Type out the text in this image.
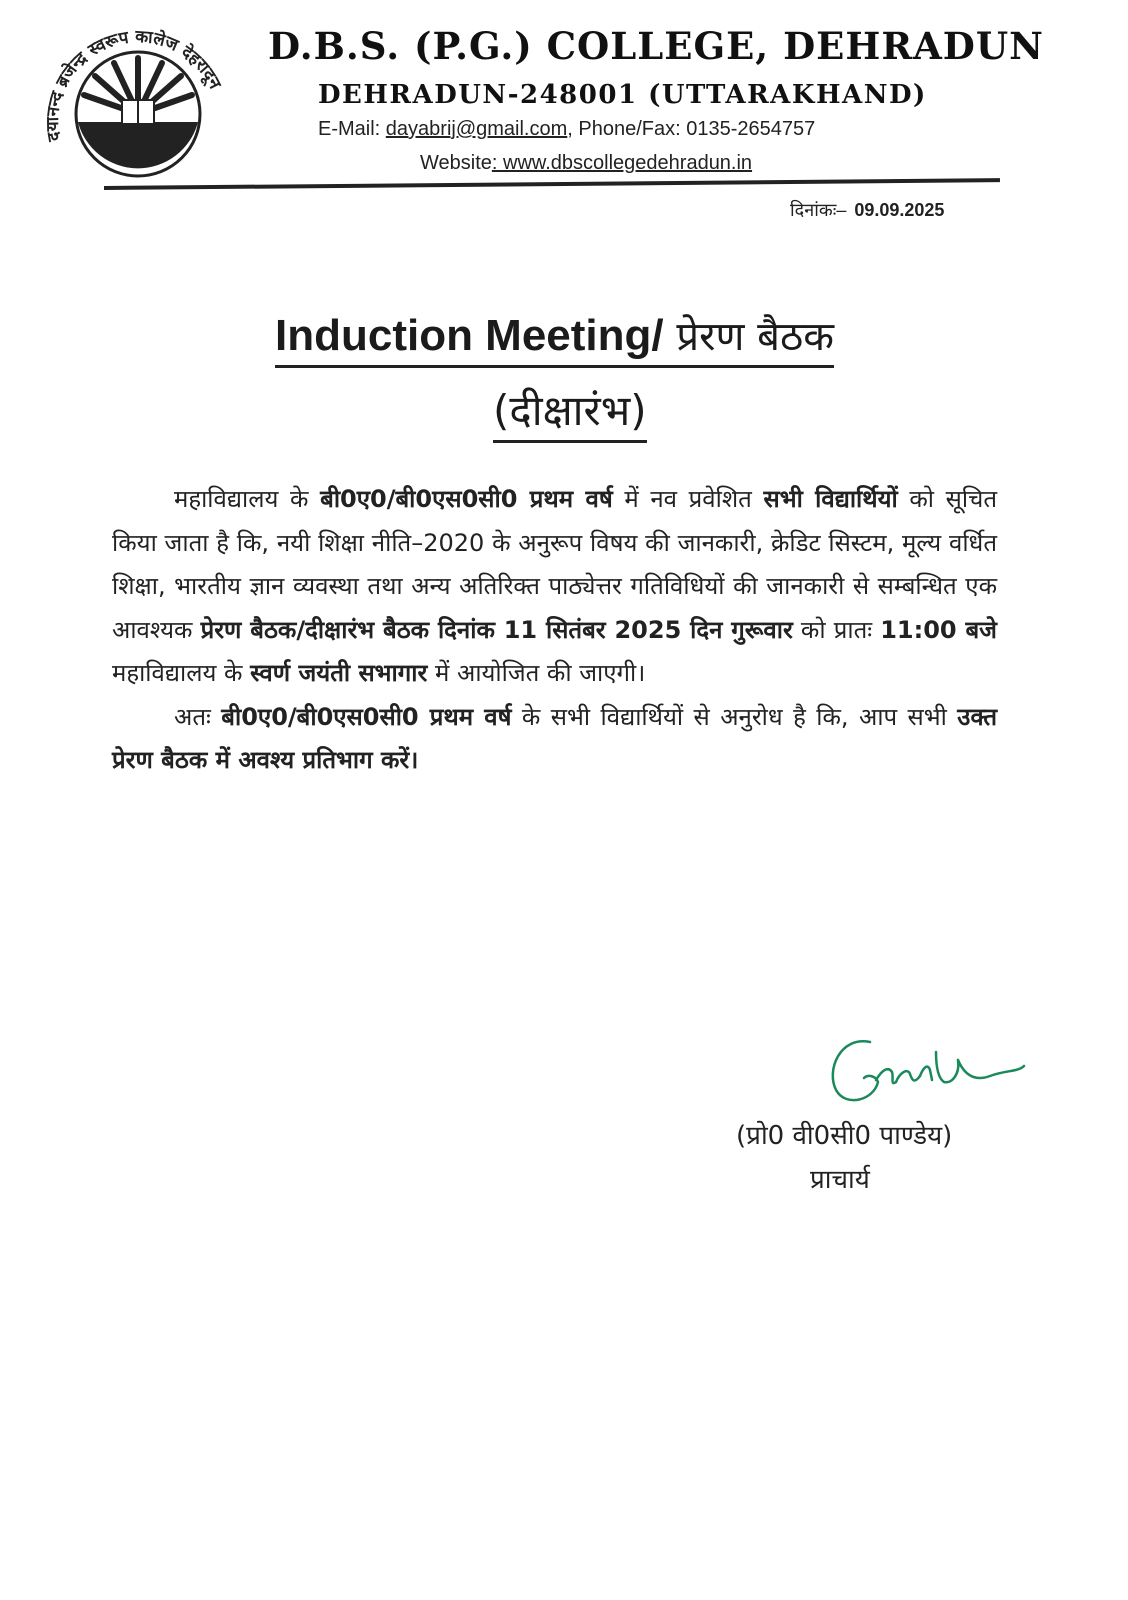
दयानन्द ब्रजेन्द्र स्वरूप कालेज देहरादून
D.B.S. (P.G.) COLLEGE, DEHRADUN
DEHRADUN-248001 (UTTARAKHAND)
E-Mail: dayabrij@gmail.com, Phone/Fax: 0135-2654757
Website: www.dbscollegedehradun.in
दिनांकः– 09.09.2025
Induction Meeting/ प्रेरण बैठक
(दीक्षारंभ)

महाविद्यालय के बी0ए0/बी0एस0सी0 प्रथम वर्ष में नव प्रवेशित सभी विद्यार्थियों को सूचित किया जाता है कि, नयी शिक्षा नीति–2020 के अनुरूप विषय की जानकारी, क्रेडिट सिस्टम, मूल्य वर्धित शिक्षा, भारतीय ज्ञान व्यवस्था तथा अन्य अतिरिक्त पाठ्येत्तर गतिविधियों की जानकारी से सम्बन्धित एक आवश्यक प्रेरण बैठक/दीक्षारंभ बैठक दिनांक 11 सितंबर 2025 दिन गुरूवार को प्रातः 11:00 बजे महाविद्यालय के स्वर्ण जयंती सभागार में आयोजित की जाएगी।

अतः बी0ए0/बी0एस0सी0 प्रथम वर्ष के सभी विद्यार्थियों से अनुरोध है कि, आप सभी उक्त प्रेरण बैठक में अवश्य प्रतिभाग करें।

(प्रो0 वी0सी0 पाण्डेय)
प्राचार्य
